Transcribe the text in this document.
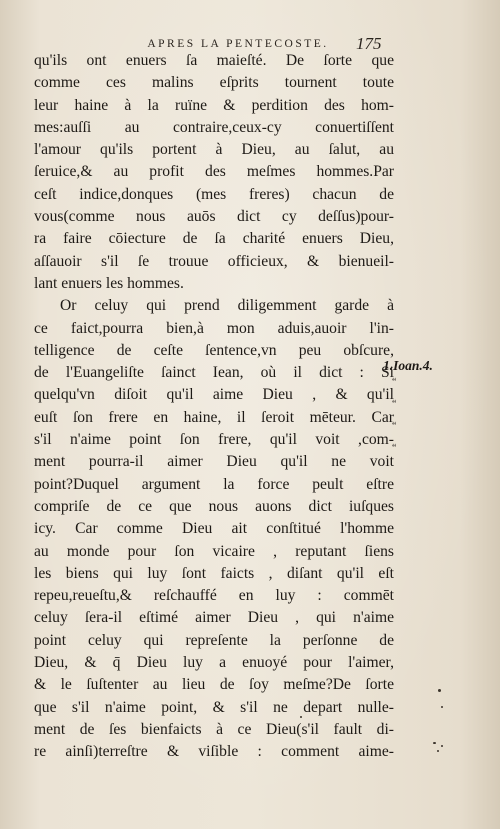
APRES LA PENTECOSTE.	175
qu'ils ont enuers ſa maieſté. De ſorte que
comme ces malins eſprits tournent toute
leur haine à la ruïne & perdition des hom-
mes:auſſi au contraire,ceux-cy conuertiſſent
l'amour qu'ils portent à Dieu, au ſalut, au
ſeruice,& au profit des meſmes hommes.Par
ceſt indice,donques (mes freres) chacun de
vous(comme nous auōs dict cy deſſus)pour-
ra faire cōiecture de ſa charité enuers Dieu,
aſſauoir s'il ſe trouue officieux, & bienueil-
lant enuers les hommes.
Or celuy qui prend diligemment garde à
ce faict,pourra bien,à mon aduis,auoir l'in-
telligence de ceſte ſentence,vn peu obſcure,
de l'Euangeliſte ſainct Iean, où il dict : Si
quelqu'vn diſoit qu'il aime Dieu , & qu'il
euſt ſon frere en haine, il ſeroit mēteur. Car
s'il n'aime point ſon frere, qu'il voit ,com-
ment pourra-il aimer Dieu qu'il ne voit
point?Duquel argument la force peult eſtre
compriſe de ce que nous auons dict iuſques
icy. Car comme Dieu ait conſtitué l'homme
au monde pour ſon vicaire , reputant ſiens
les biens qui luy ſont faicts , diſant qu'il eſt
repeu,reueſtu,& reſchauffé en luy : commēt
celuy ſera-il eſtimé aimer Dieu , qui n'aime
point celuy qui repreſente la perſonne de
Dieu, & q̄ Dieu luy a enuoyé pour l'aimer,
& le ſuſtenter au lieu de ſoy meſme?De ſorte
que s'il n'aime point, & s'il ne depart nulle-
ment de ſes bienfaicts à ce Dieu(s'il fault di-
re ainſi)terreſtre & viſible : comment aime-
1.Ioan.4.
“
“
“
“
